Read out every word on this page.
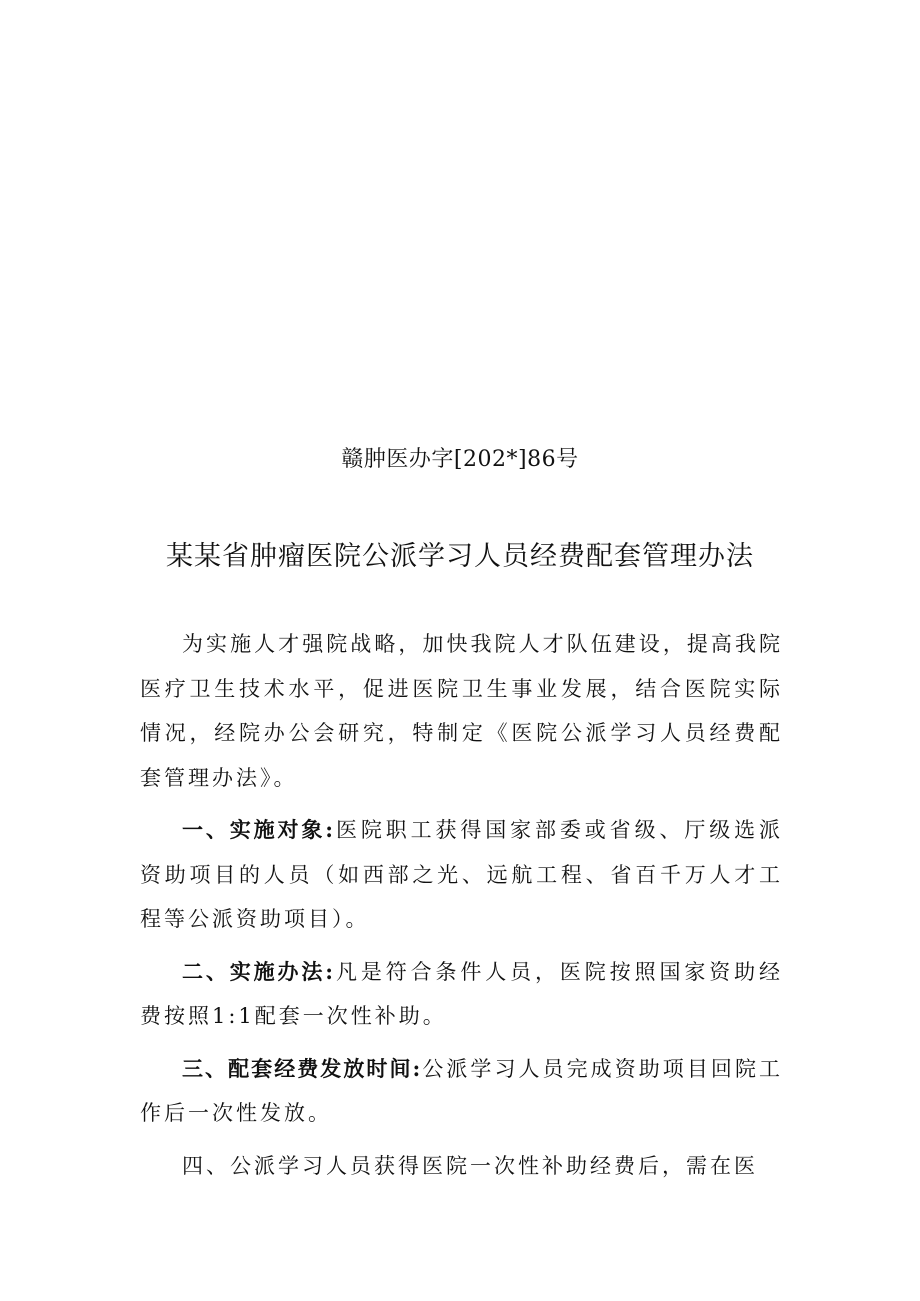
赣肿医办字[202*]86号
某某省肿瘤医院公派学习人员经费配套管理办法

为实施人才强院战略，加快我院人才队伍建设，提高我院医疗卫生技术水平，促进医院卫生事业发展，结合医院实际情况，经院办公会研究，特制定《医院公派学习人员经费配套管理办法》。

一、实施对象:医院职工获得国家部委或省级、厅级选派资助项目的人员（如西部之光、远航工程、省百千万人才工程等公派资助项目）。

二、实施办法:凡是符合条件人员，医院按照国家资助经费按照1:1配套一次性补助。

三、配套经费发放时间:公派学习人员完成资助项目回院工作后一次性发放。

四、公派学习人员获得医院一次性补助经费后，需在医
